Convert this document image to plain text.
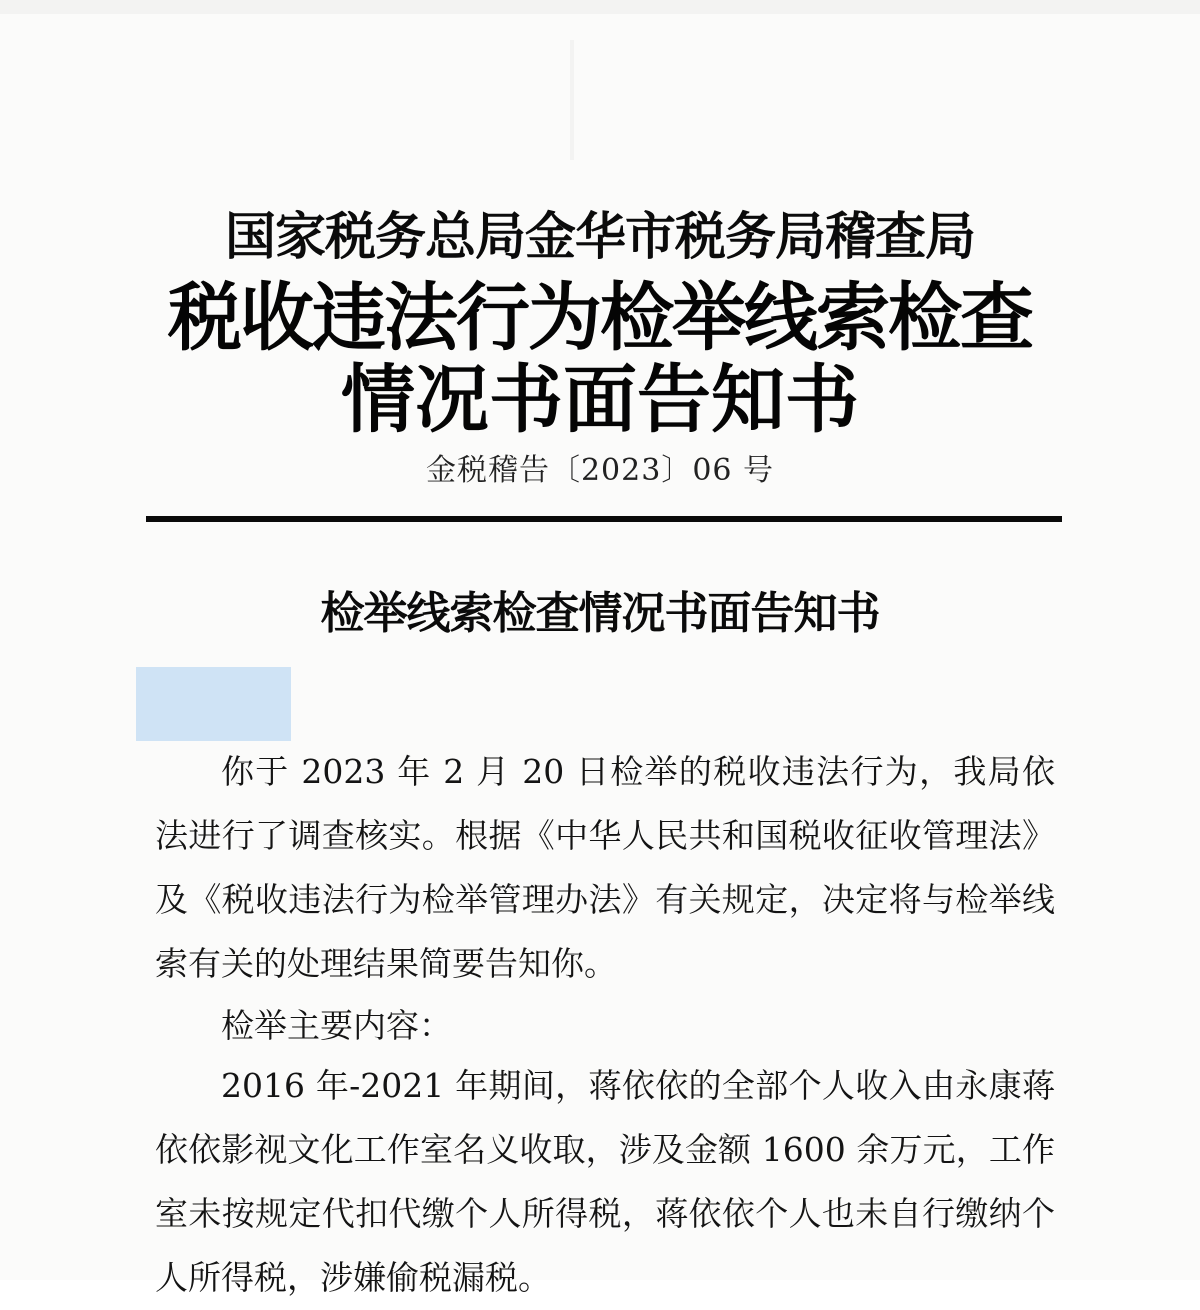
国家税务总局金华市税务局稽查局
税收违法行为检举线索检查
情况书面告知书
金税稽告〔2023〕06 号
检举线索检查情况书面告知书

你于 2023 年 2 月 20 日检举的税收违法行为，我局依法进行了调查核实。根据《中华人民共和国税收征收管理法》及《税收违法行为检举管理办法》有关规定，决定将与检举线索有关的处理结果简要告知你。

检举主要内容：

2016 年-2021 年期间，蒋依依的全部个人收入由永康蒋依依影视文化工作室名义收取，涉及金额 1600 余万元，工作室未按规定代扣代缴个人所得税，蒋依依个人也未自行缴纳个人所得税，涉嫌偷税漏税。
